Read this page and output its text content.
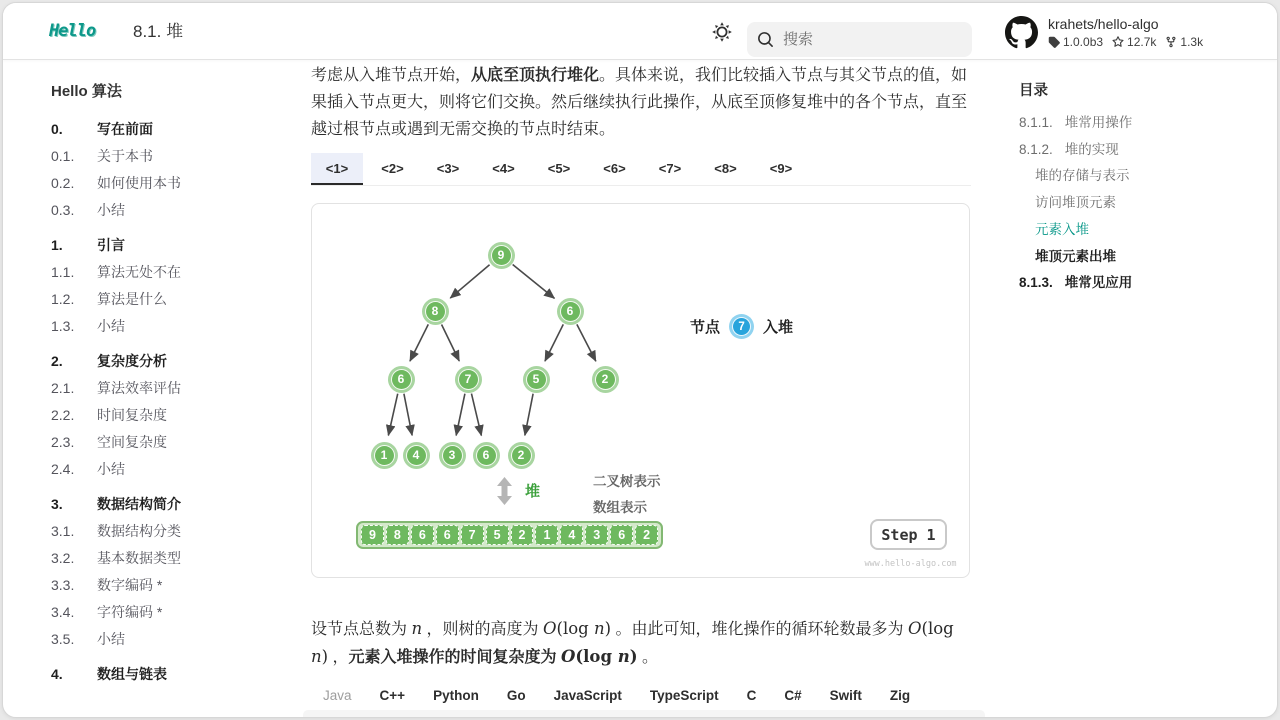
Hello	8.1. 堆
搜索	krahets/hello-algo
1.0.0b3 12.7k 1.3k
Hello 算法
0.	写在前面
0.1.	关于本书
0.2.	如何使用本书
0.3.	小结
1.	引言
1.1.	算法无处不在
1.2.	算法是什么
1.3.	小结
2.	复杂度分析
2.1.	算法效率评估
2.2.	时间复杂度
2.3.	空间复杂度
2.4.	小结
3.	数据结构简介
3.1.	数据结构分类
3.2.	基本数据类型
3.3.	数字编码 *
3.4.	字符编码 *
3.5.	小结
4.	数组与链表
目录
8.1.1. 堆常用操作
8.1.2. 堆的实现
堆的存储与表示
访问堆顶元素
元素入堆
堆顶元素出堆
8.1.3. 堆常见应用

考虑从入堆节点开始，从底至顶执行堆化。具体来说，我们比较插入节点与其父节点的值，如果插入节点更大，则将它们交换。然后继续执行此操作，从底至顶修复堆中的各个节点，直至越过根节点或遇到无需交换的节点时结束。

<1>	<2>	<3>	<4>	<5>	<6>	<7>	<8>	<9>
9
8	6
6	7	5	2
1	4	3	6	2
节点	7	入堆
堆
二叉树表示
数组表示
9	8	6	6	7	5	2	1	4	3	6	2	Step 1
www.hello-algo.com

设节点总数为 n ，则树的高度为 O(log n) 。由此可知，堆化操作的循环轮数最多为 O(log n) ，元素入堆操作的时间复杂度为 O(log n) 。

Java C++ Python Go JavaScript TypeScript C C# Swift Zig
